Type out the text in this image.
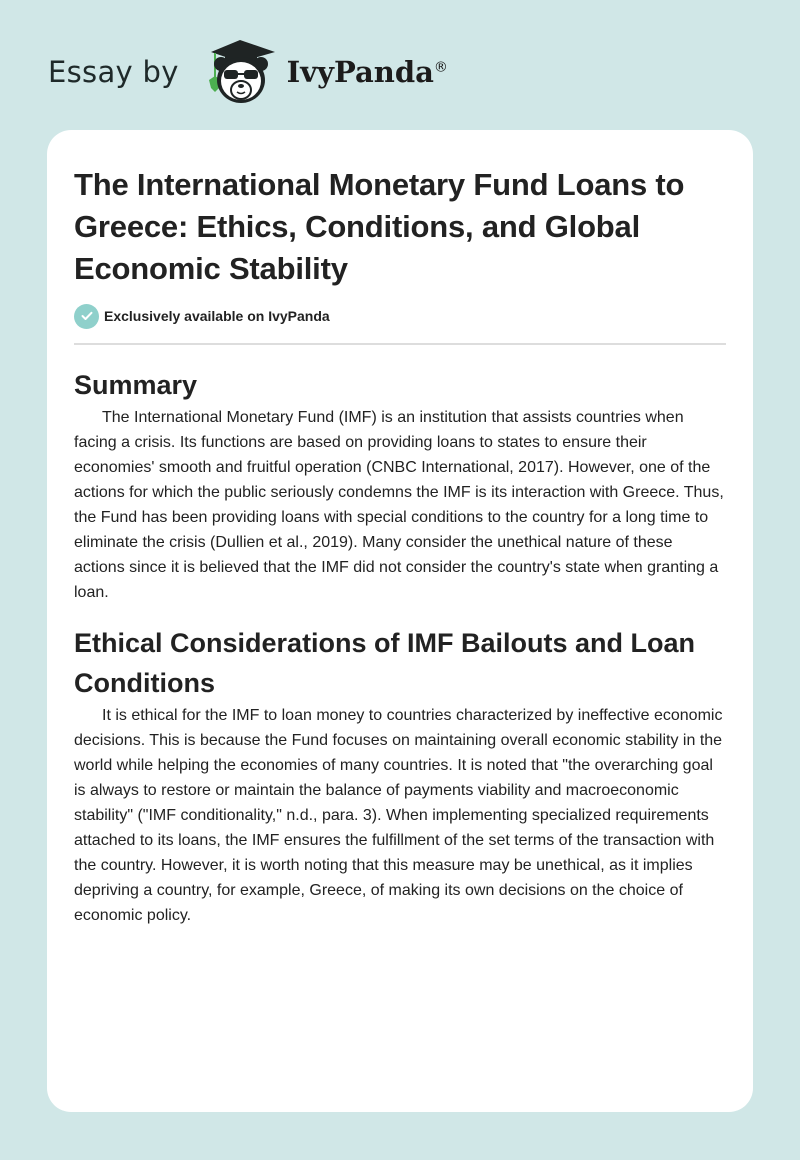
Essay by	IvyPanda®
The International Monetary Fund Loans to Greece: Ethics, Conditions, and Global Economic Stability
Exclusively available on IvyPanda
Summary

The International Monetary Fund (IMF) is an institution that assists countries when facing a crisis. Its functions are based on providing loans to states to ensure their economies' smooth and fruitful operation (CNBC International, 2017). However, one of the actions for which the public seriously condemns the IMF is its interaction with Greece. Thus, the Fund has been providing loans with special conditions to the country for a long time to eliminate the crisis (Dullien et al., 2019). Many consider the unethical nature of these actions since it is believed that the IMF did not consider the country's state when granting a loan.

Ethical Considerations of IMF Bailouts and Loan Conditions

It is ethical for the IMF to loan money to countries characterized by ineffective economic decisions. This is because the Fund focuses on maintaining overall economic stability in the world while helping the economies of many countries. It is noted that "the overarching goal is always to restore or maintain the balance of payments viability and macroeconomic stability" ("IMF conditionality," n.d., para. 3). When implementing specialized requirements attached to its loans, the IMF ensures the fulfillment of the set terms of the transaction with the country. However, it is worth noting that this measure may be unethical, as it implies depriving a country, for example, Greece, of making its own decisions on the choice of economic policy.
